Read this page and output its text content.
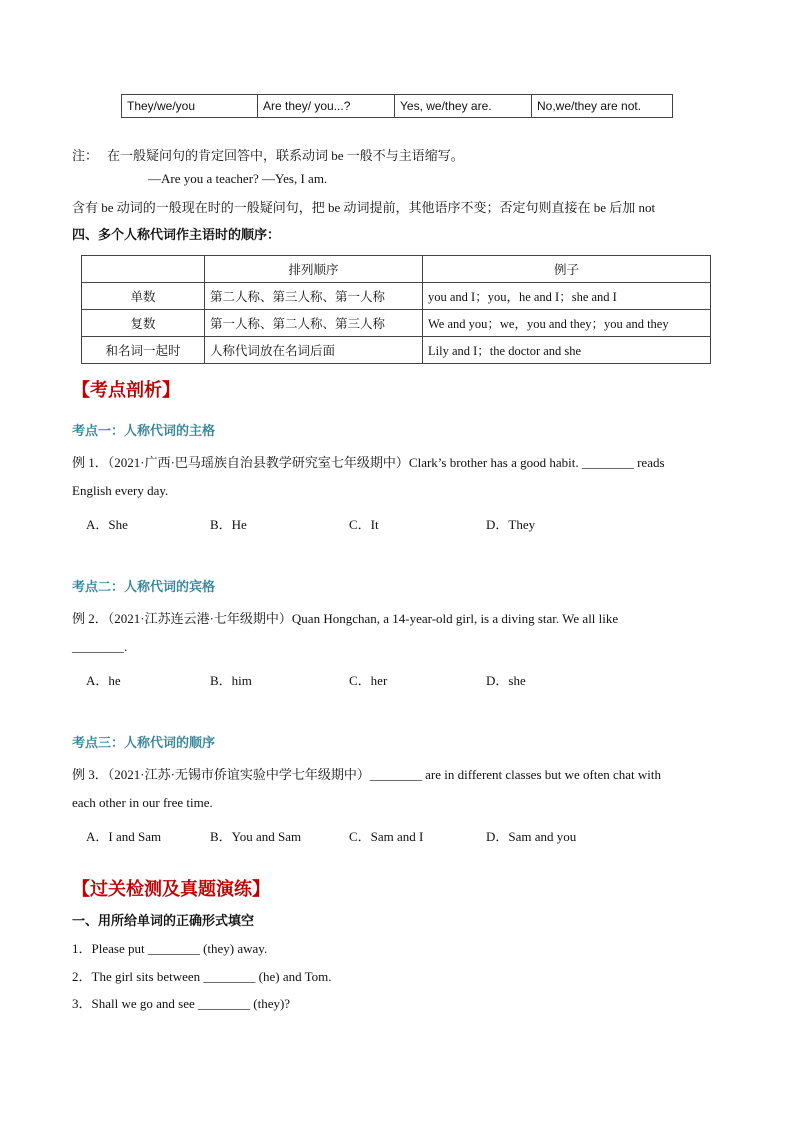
They/we/you	Are they/ you...?	Yes, we/they are.	No,we/they are not.
注： 在一般疑问句的肯定回答中，联系动词 be 一般不与主语缩写。
—Are you a teacher? —Yes, I am.
含有 be 动词的一般现在时的一般疑问句，把 be 动词提前，其他语序不变；否定句则直接在 be 后加 not
四、多个人称代词作主语时的顺序：
	排列顺序	例子
单数	第二人称、第三人称、第一人称	you and I；you，he and I；she and I
复数	第一人称、第二人称、第三人称	We and you；we，you and they；you and they
和名词一起时	人称代词放在名词后面	Lily and I；the doctor and she
【考点剖析】
考点一：人称代词的主格
例 1．（2021·广西·巴马瑶族自治县教学研究室七年级期中）Clark’s brother has a good habit. ________ reads
English every day.
A．She	B．He	C．It	D．They
考点二：人称代词的宾格
例 2．（2021·江苏连云港·七年级期中）Quan Hongchan, a 14-year-old girl, is a diving star. We all like
________.
A．he	B．him	C．her	D．she
考点三：人称代词的顺序
例 3．（2021·江苏·无锡市侨谊实验中学七年级期中）________ are in different classes but we often chat with
each other in our free time.
A．I and Sam	B．You and Sam	C．Sam and I	D．Sam and you
【过关检测及真题演练】
一、用所给单词的正确形式填空
1．Please put ________ (they) away.
2．The girl sits between ________ (he) and Tom.
3．Shall we go and see ________ (they)?
